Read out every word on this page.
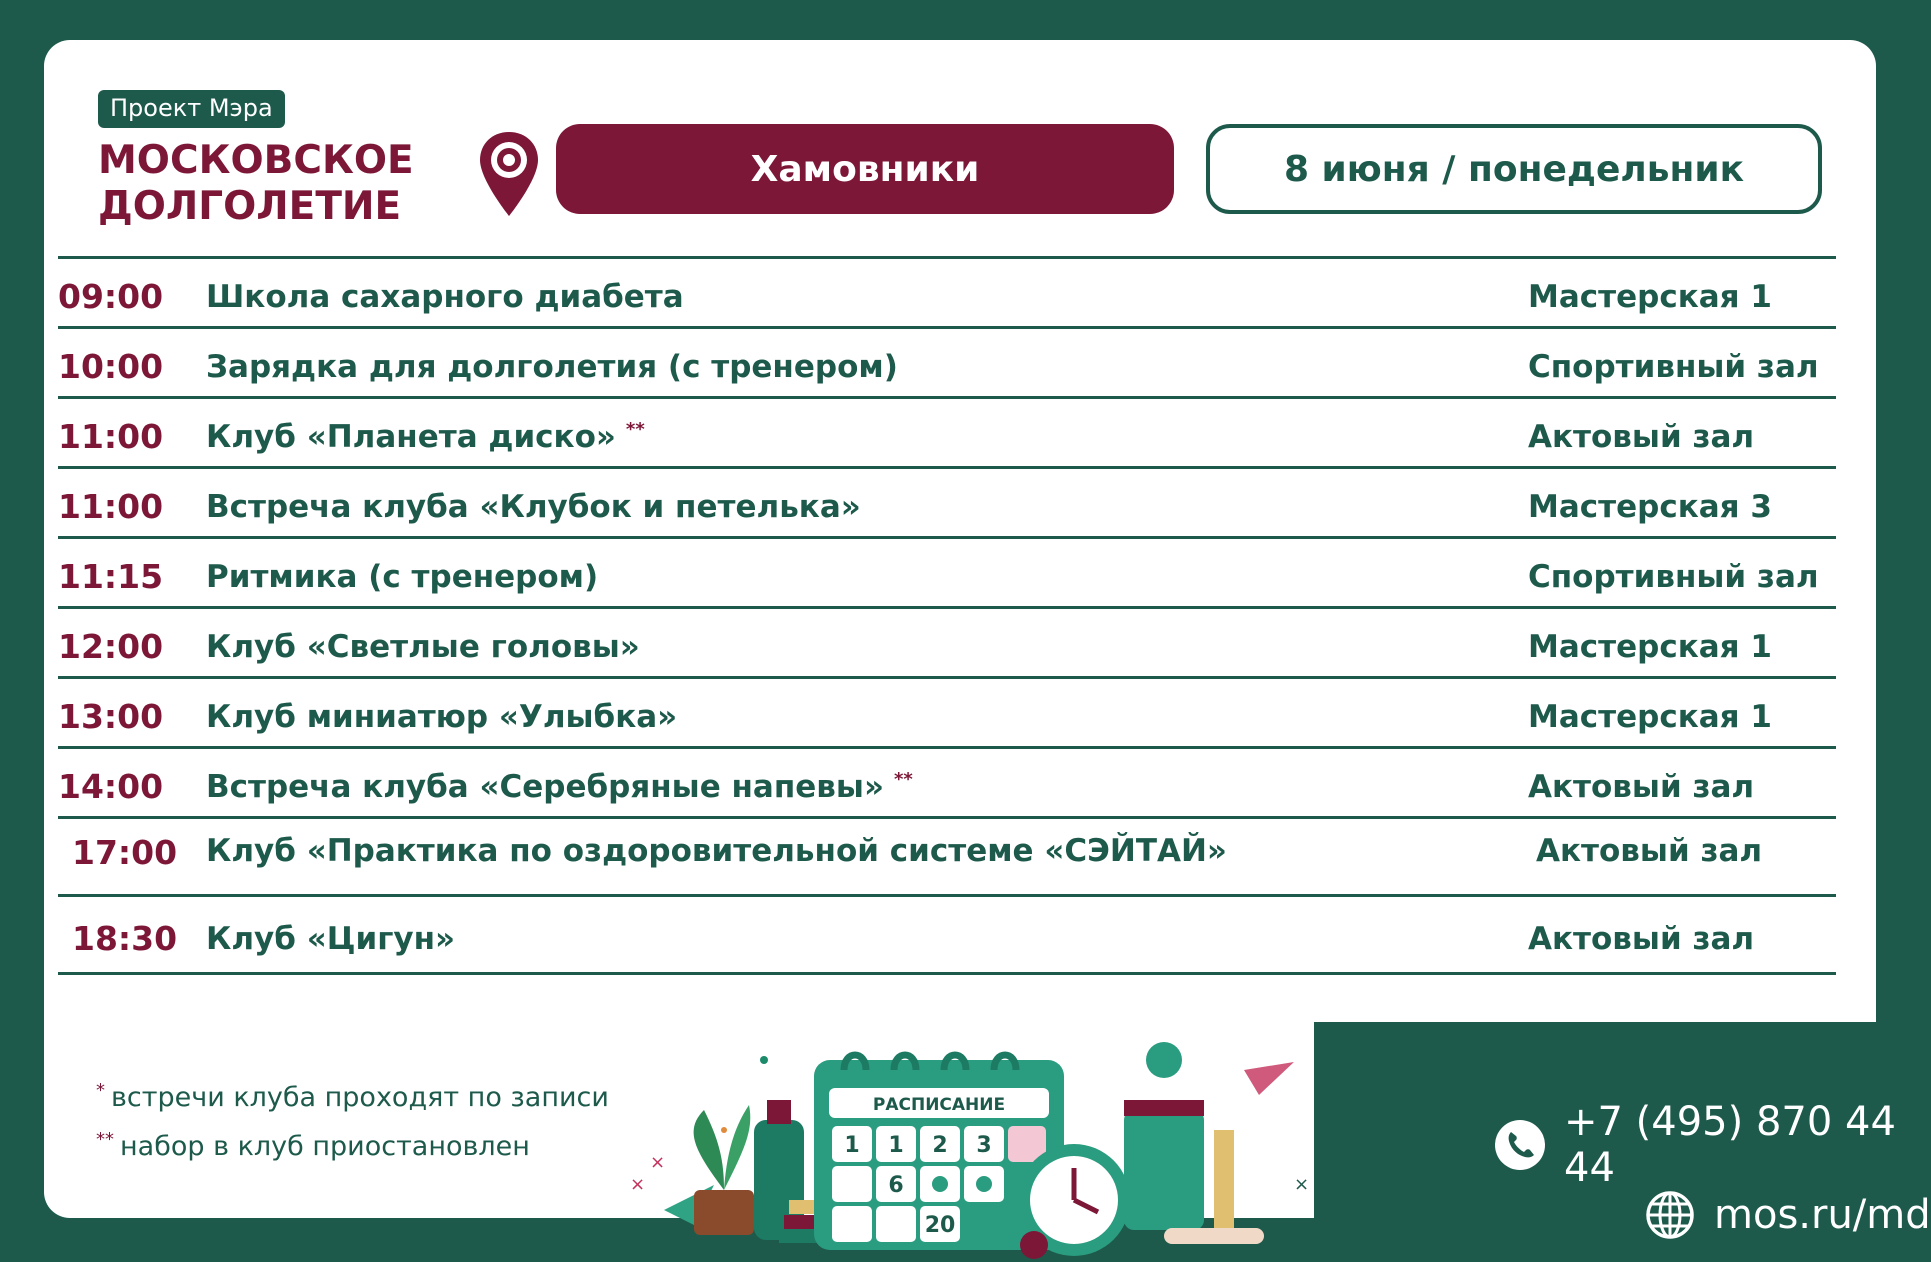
Проект Мэра
МОСКОВСКОЕ
ДОЛГОЛЕТИЕ
Хамовники	8 июня / понедельник
09:00 Школа сахарного диабета	Мастерская 1
10:00 Зарядка для долголетия (с тренером)	Спортивный зал
11:00 Клуб «Планета диско» **	Актовый зал
11:00 Встреча клуба «Клубок и петелька»	Мастерская 3
11:15 Ритмика (с тренером)	Спортивный зал
12:00 Клуб «Светлые головы»	Мастерская 1
13:00 Клуб миниатюр «Улыбка»	Мастерская 1
14:00 Встреча клуба «Серебряные напевы» **	Актовый зал
17:00 Клуб «Практика по оздоровительной системе «СЭЙТАЙ»	Актовый зал
18:30 Клуб «Цигун»	Актовый зал
* встречи клуба проходят по записи
** набор в клуб приостановлен
×
×
×
РАСПИСАНИЕ
1 1 2 3
6
20
+7 (495) 870 44 44
mos.ru/md
